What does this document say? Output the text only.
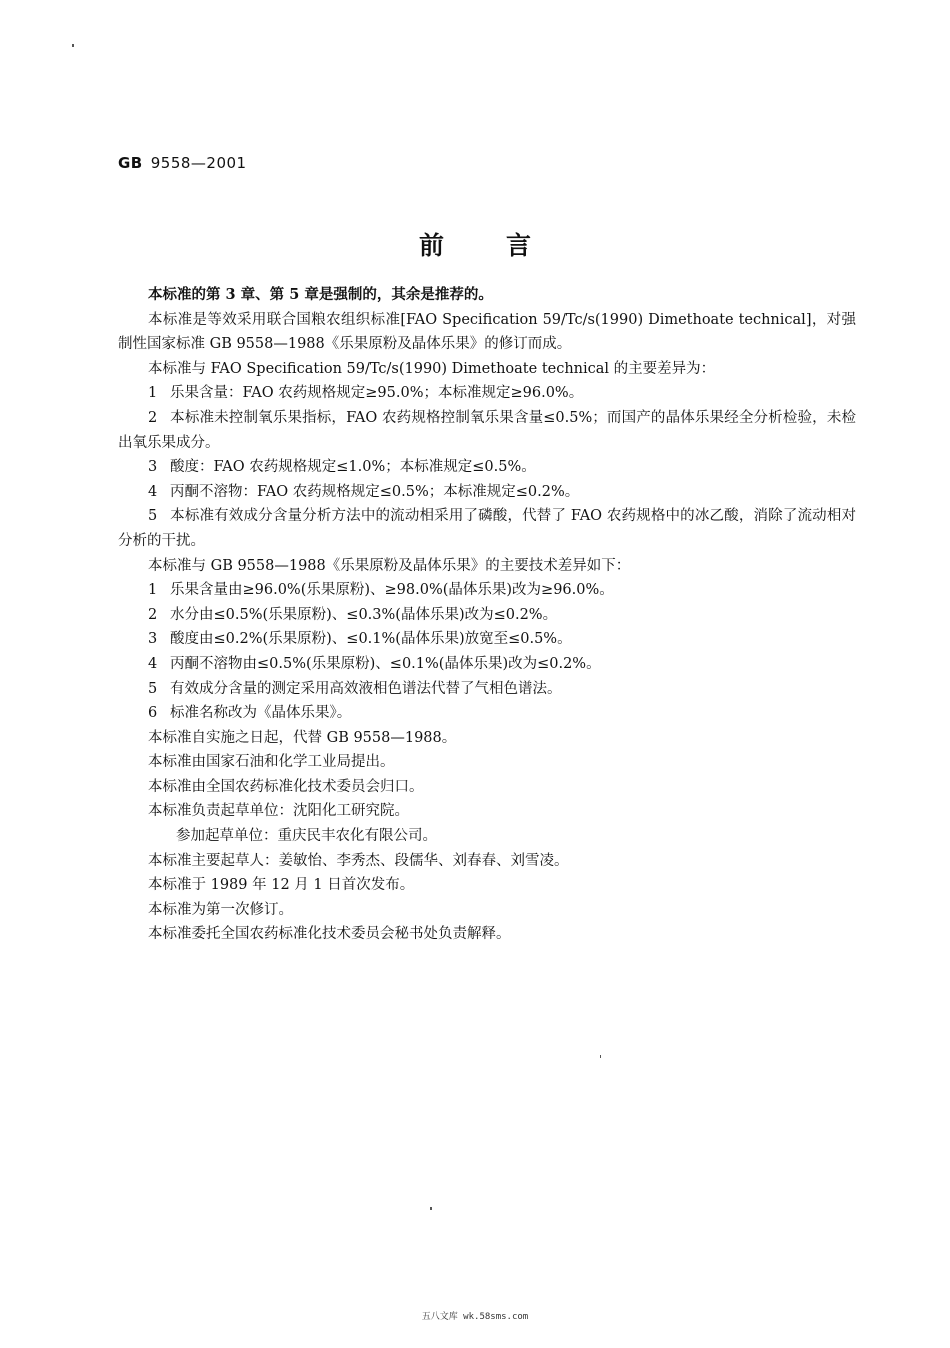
GB 9558—2001
前 言

本标准的第 3 章、第 5 章是强制的，其余是推荐的。

本标准是等效采用联合国粮农组织标准[FAO Specification 59/Tc/s(1990) Dimethoate technical]，对强制性国家标准 GB 9558—1988《乐果原粉及晶体乐果》的修订而成。

本标准与 FAO Specification 59/Tc/s(1990) Dimethoate technical 的主要差异为：

1 乐果含量：FAO 农药规格规定≥95.0%；本标准规定≥96.0%。

2 本标准未控制氧乐果指标，FAO 农药规格控制氧乐果含量≤0.5%；而国产的晶体乐果经全分析检验，未检出氧乐果成分。

3 酸度：FAO 农药规格规定≤1.0%；本标准规定≤0.5%。

4 丙酮不溶物：FAO 农药规格规定≤0.5%；本标准规定≤0.2%。

5 本标准有效成分含量分析方法中的流动相采用了磷酸，代替了 FAO 农药规格中的冰乙酸，消除了流动相对分析的干扰。

本标准与 GB 9558—1988《乐果原粉及晶体乐果》的主要技术差异如下：

1 乐果含量由≥96.0%(乐果原粉)、≥98.0%(晶体乐果)改为≥96.0%。

2 水分由≤0.5%(乐果原粉)、≤0.3%(晶体乐果)改为≤0.2%。

3 酸度由≤0.2%(乐果原粉)、≤0.1%(晶体乐果)放宽至≤0.5%。

4 丙酮不溶物由≤0.5%(乐果原粉)、≤0.1%(晶体乐果)改为≤0.2%。

5 有效成分含量的测定采用高效液相色谱法代替了气相色谱法。

6 标准名称改为《晶体乐果》。

本标准自实施之日起，代替 GB 9558—1988。

本标准由国家石油和化学工业局提出。

本标准由全国农药标准化技术委员会归口。

本标准负责起草单位：沈阳化工研究院。

参加起草单位：重庆民丰农化有限公司。

本标准主要起草人：姜敏怡、李秀杰、段儒华、刘春春、刘雪凌。

本标准于 1989 年 12 月 1 日首次发布。

本标准为第一次修订。

本标准委托全国农药标准化技术委员会秘书处负责解释。

五八文库 wk.58sms.com
